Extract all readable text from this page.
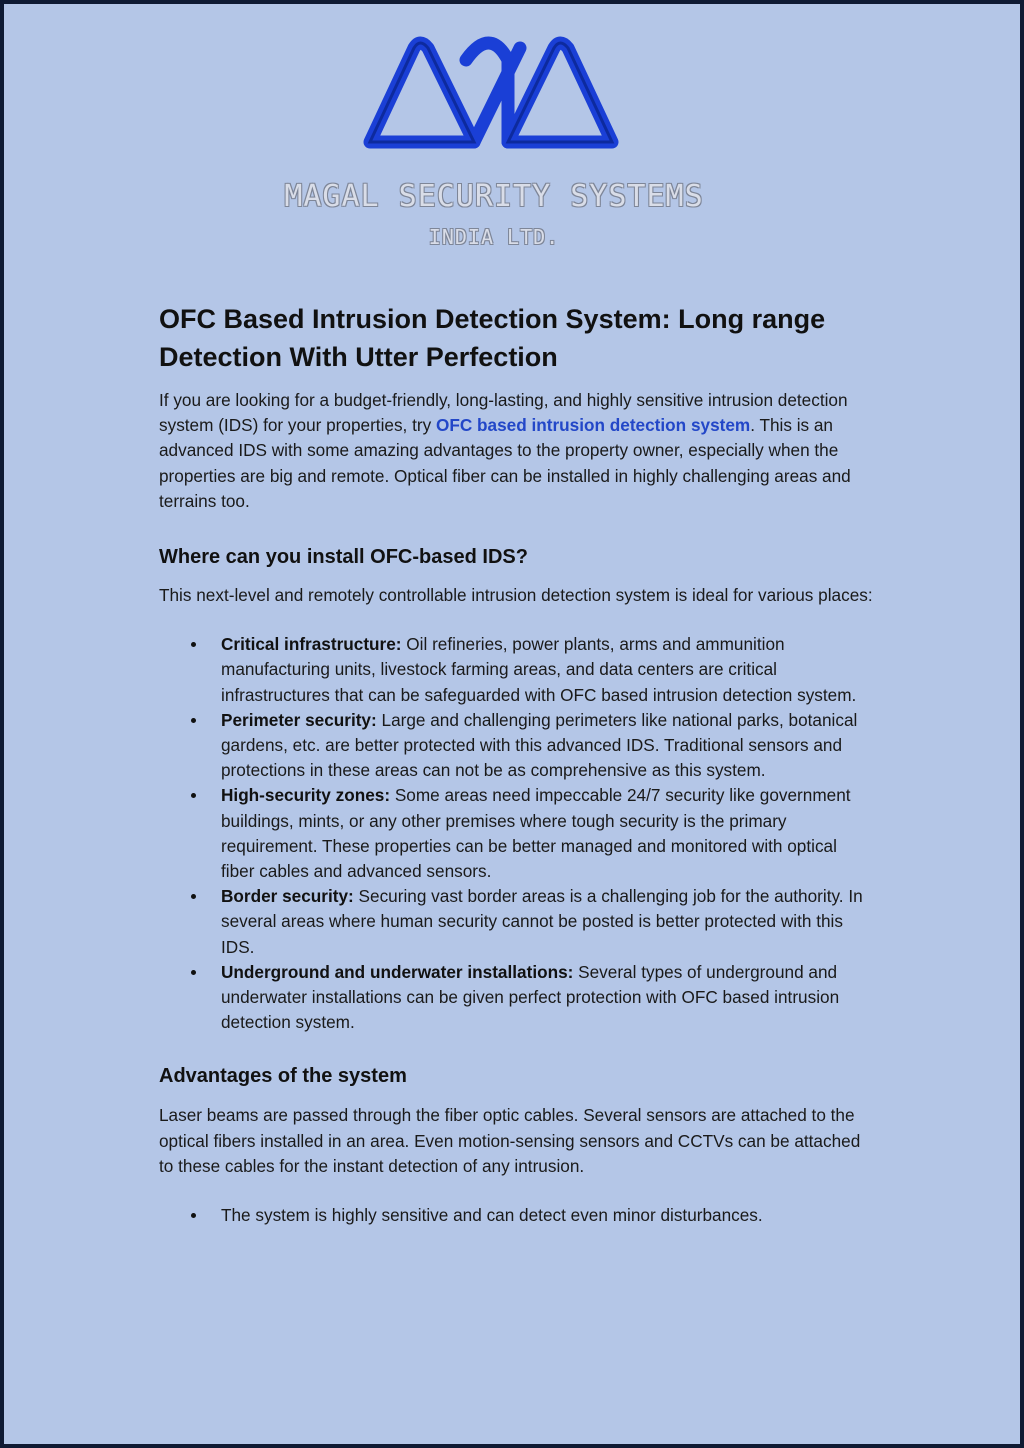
MAGAL SECURITY SYSTEMS
INDIA LTD.
OFC Based Intrusion Detection System: Long range Detection With Utter Perfection

If you are looking for a budget-friendly, long-lasting, and highly sensitive intrusion detection system (IDS) for your properties, try OFC based intrusion detection system. This is an advanced IDS with some amazing advantages to the property owner, especially when the properties are big and remote. Optical fiber can be installed in highly challenging areas and terrains too.

Where can you install OFC-based IDS?

This next-level and remotely controllable intrusion detection system is ideal for various places:

Critical infrastructure: Oil refineries, power plants, arms and ammunition manufacturing units, livestock farming areas, and data centers are critical infrastructures that can be safeguarded with OFC based intrusion detection system.
Perimeter security: Large and challenging perimeters like national parks, botanical gardens, etc. are better protected with this advanced IDS. Traditional sensors and protections in these areas can not be as comprehensive as this system.
High-security zones: Some areas need impeccable 24/7 security like government buildings, mints, or any other premises where tough security is the primary requirement. These properties can be better managed and monitored with optical fiber cables and advanced sensors.
Border security: Securing vast border areas is a challenging job for the authority. In several areas where human security cannot be posted is better protected with this IDS.
Underground and underwater installations: Several types of underground and underwater installations can be given perfect protection with OFC based intrusion detection system.
Advantages of the system

Laser beams are passed through the fiber optic cables. Several sensors are attached to the optical fibers installed in an area. Even motion-sensing sensors and CCTVs can be attached to these cables for the instant detection of any intrusion.

The system is highly sensitive and can detect even minor disturbances.
